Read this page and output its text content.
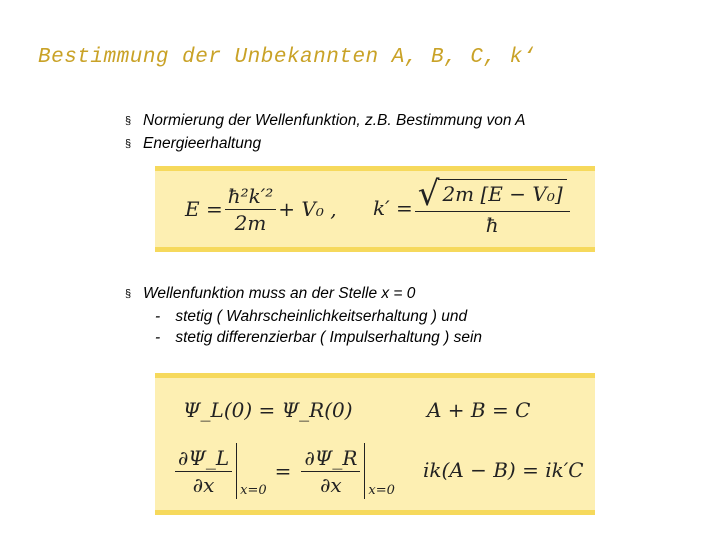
Bestimmung der Unbekannten A, B, C, k‘
§ Normierung der Wellenfunktion, z.B. Bestimmung von A
§ Energieerhaltung
$E = \frac{\text{ħ²k′²}}{2m} + V_0$ , $k' = \frac{\text{√ 2m [E − V₀]}}{ħ}$
§ Wellenfunktion muss an der Stelle x = 0
- stetig ( Wahrscheinlichkeitserhaltung ) und
- stetig differenzierbar ( Impulserhaltung ) sein
Ψ_L(0) = Ψ_R(0)	A + B = C
$\frac{\partial\Psi\_L}{\partial x} x=0$
= $\frac{\partial\Psi\_R}{\partial x} x=0$
ik(A − B) = ik′C
